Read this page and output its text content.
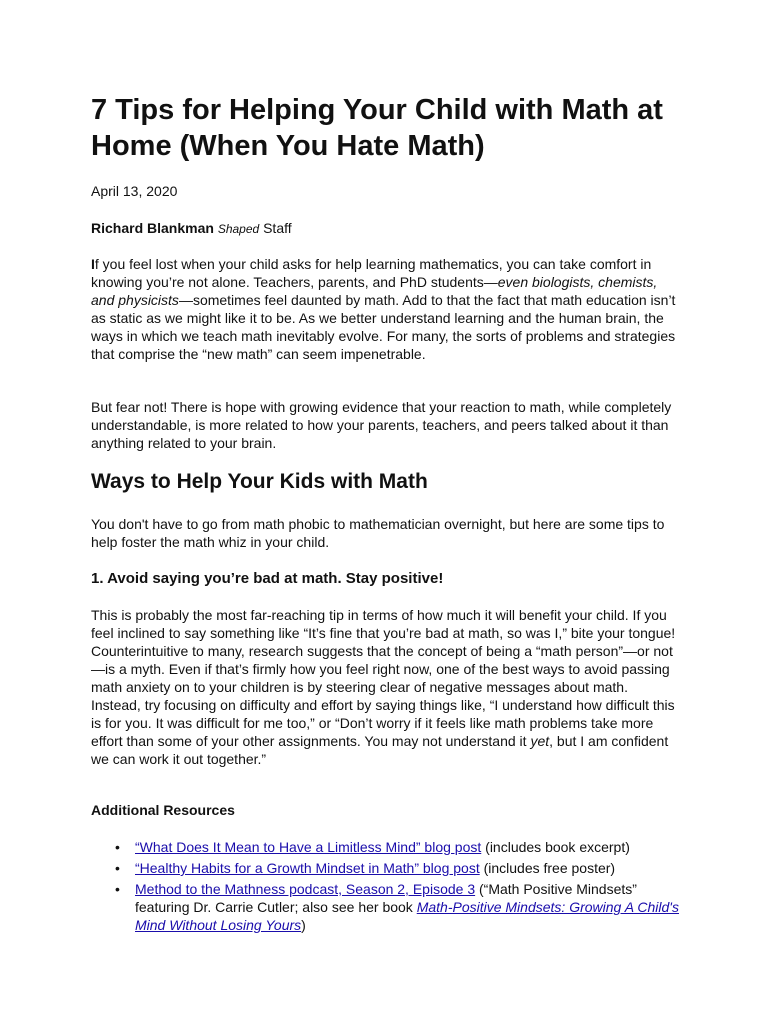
7 Tips for Helping Your Child with Math at Home (When You Hate Math)

April 13, 2020

Richard Blankman Shaped Staff

If you feel lost when your child asks for help learning mathematics, you can take comfort in knowing you’re not alone. Teachers, parents, and PhD students—even biologists, chemists, and physicists—sometimes feel daunted by math. Add to that the fact that math education isn’t as static as we might like it to be. As we better understand learning and the human brain, the ways in which we teach math inevitably evolve. For many, the sorts of problems and strategies that comprise the “new math” can seem impenetrable.

But fear not! There is hope with growing evidence that your reaction to math, while completely understandable, is more related to how your parents, teachers, and peers talked about it than anything related to your brain.

Ways to Help Your Kids with Math

You don't have to go from math phobic to mathematician overnight, but here are some tips to help foster the math whiz in your child.

1. Avoid saying you’re bad at math. Stay positive!

This is probably the most far-reaching tip in terms of how much it will benefit your child. If you feel inclined to say something like “It’s fine that you’re bad at math, so was I,” bite your tongue! Counterintuitive to many, research suggests that the concept of being a “math person”—or not—is a myth. Even if that’s firmly how you feel right now, one of the best ways to avoid passing math anxiety on to your children is by steering clear of negative messages about math. Instead, try focusing on difficulty and effort by saying things like, “I understand how difficult this is for you. It was difficult for me too,” or “Don’t worry if it feels like math problems take more effort than some of your other assignments. You may not understand it yet, but I am confident we can work it out together.”

Additional Resources
• “What Does It Mean to Have a Limitless Mind” blog post (includes book excerpt)
• “Healthy Habits for a Growth Mindset in Math” blog post (includes free poster)
• Method to the Mathness podcast, Season 2, Episode 3 (“Math Positive Mindsets” featuring Dr. Carrie Cutler; also see her book Math-Positive Mindsets: Growing A Child's Mind Without Losing Yours)
